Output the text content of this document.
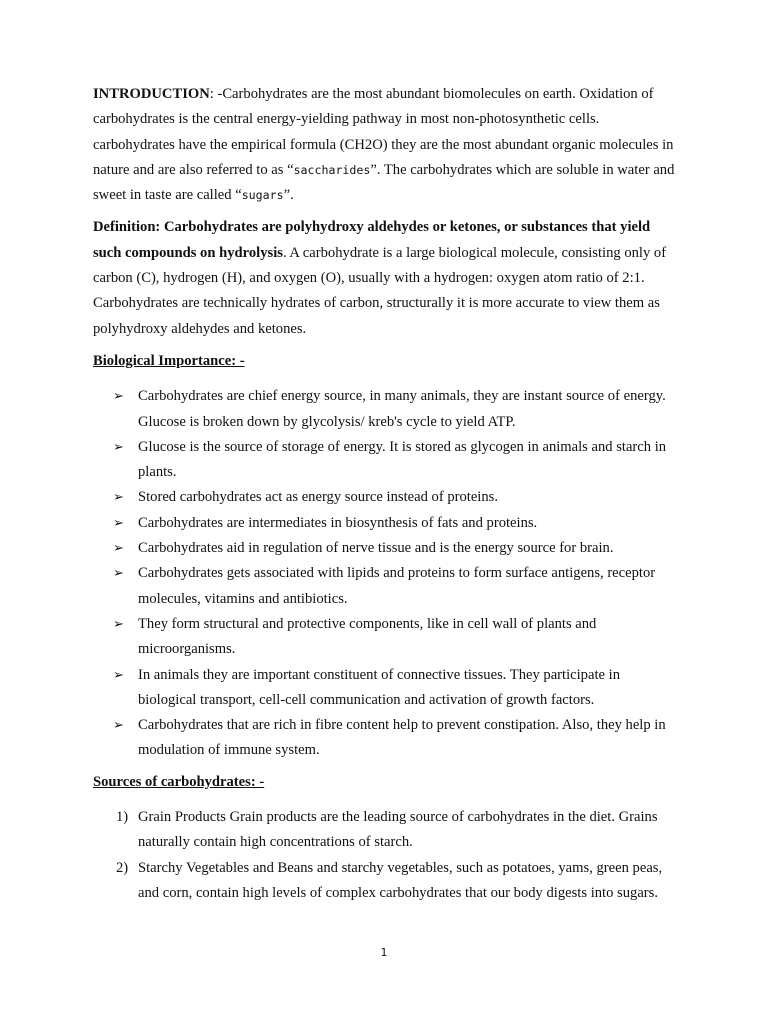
INTRODUCTION: -Carbohydrates are the most abundant biomolecules on earth. Oxidation of carbohydrates is the central energy-yielding pathway in most non-photosynthetic cells. carbohydrates have the empirical formula (CH2O) they are the most abundant organic molecules in nature and are also referred to as “saccharides”. The carbohydrates which are soluble in water and sweet in taste are called “sugars”.

Definition: Carbohydrates are polyhydroxy aldehydes or ketones, or substances that yield such compounds on hydrolysis. A carbohydrate is a large biological molecule, consisting only of carbon (C), hydrogen (H), and oxygen (O), usually with a hydrogen: oxygen atom ratio of 2:1. Carbohydrates are technically hydrates of carbon, structurally it is more accurate to view them as polyhydroxy aldehydes and ketones.

Biological Importance: -

➢ Carbohydrates are chief energy source, in many animals, they are instant source of energy. Glucose is broken down by glycolysis/ kreb's cycle to yield ATP.
➢ Glucose is the source of storage of energy. It is stored as glycogen in animals and starch in plants.
➢ Stored carbohydrates act as energy source instead of proteins.
➢ Carbohydrates are intermediates in biosynthesis of fats and proteins.
➢ Carbohydrates aid in regulation of nerve tissue and is the energy source for brain.
➢ Carbohydrates gets associated with lipids and proteins to form surface antigens, receptor molecules, vitamins and antibiotics.
➢ They form structural and protective components, like in cell wall of plants and microorganisms.
➢ In animals they are important constituent of connective tissues. They participate in biological transport, cell-cell communication and activation of growth factors.
➢ Carbohydrates that are rich in fibre content help to prevent constipation. Also, they help in modulation of immune system.

Sources of carbohydrates: -

1) Grain Products Grain products are the leading source of carbohydrates in the diet. Grains naturally contain high concentrations of starch.
2) Starchy Vegetables and Beans and starchy vegetables, such as potatoes, yams, green peas, and corn, contain high levels of complex carbohydrates that our body digests into sugars.
1
